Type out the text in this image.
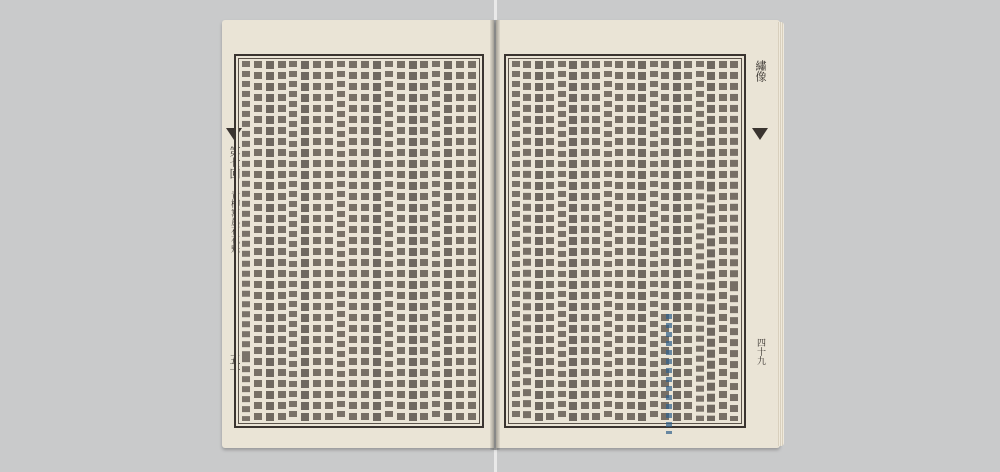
第七回
青柳寫爲石花魁
五十
繡像
四十九
